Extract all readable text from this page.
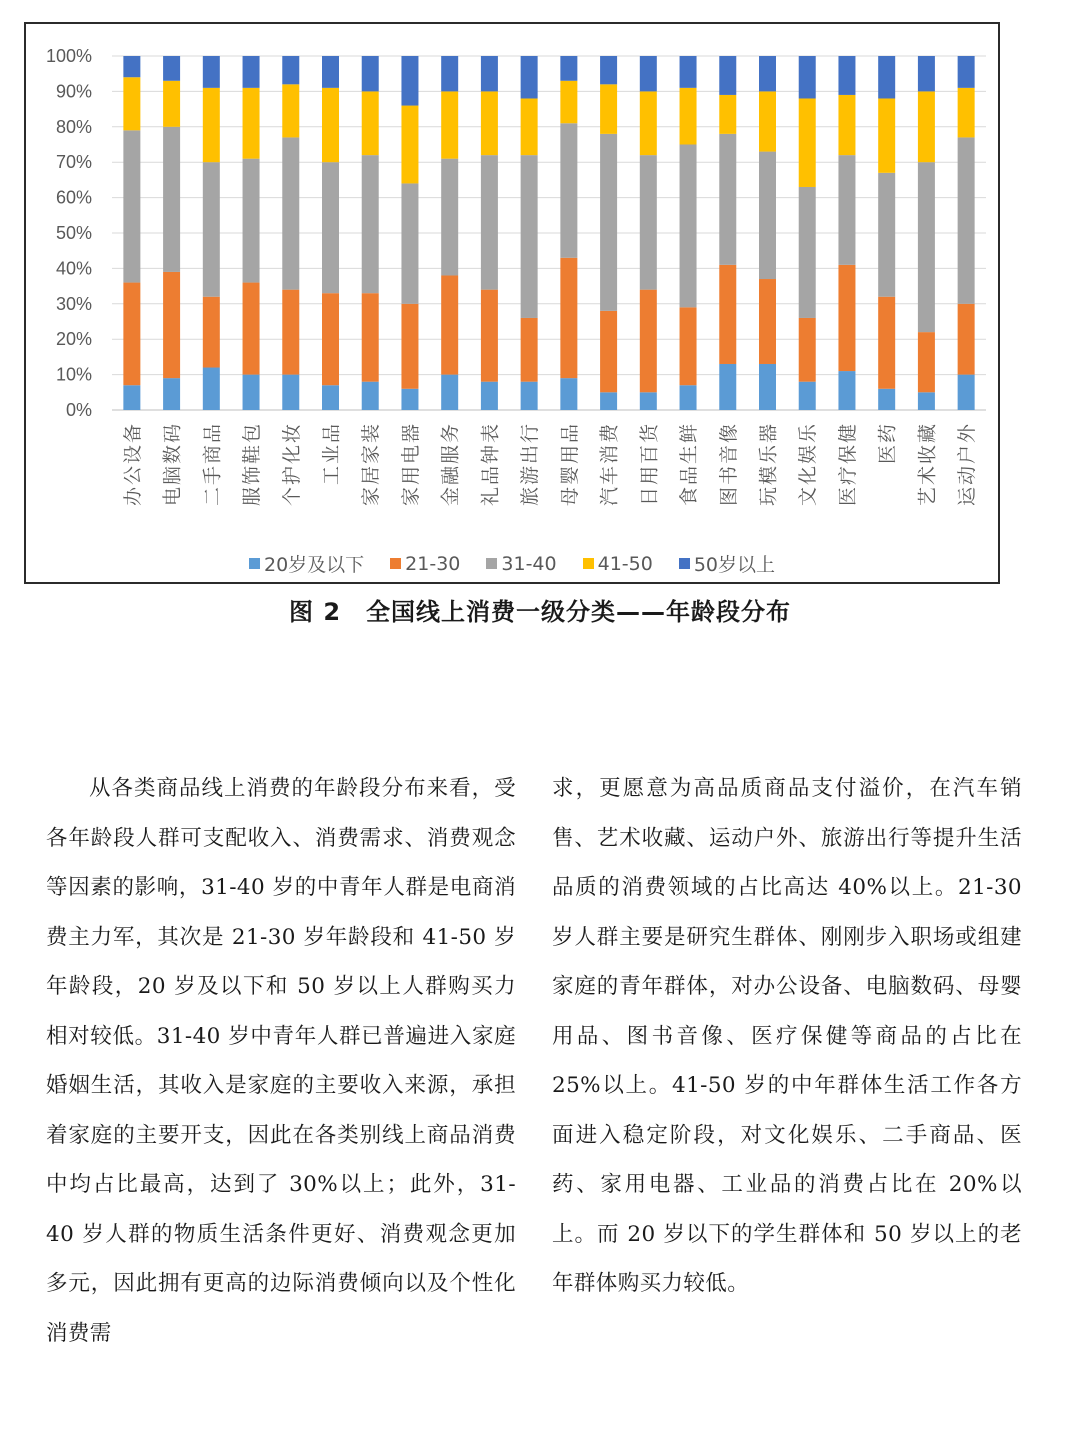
0%
10%
20%
30%
40%
50%
60%
70%
80%
90%
100%
办公设备 电脑数码 二手商品 服饰鞋包 个护化妆 工业品 家居家装 家用电器 金融服务 礼品钟表 旅游出行 母婴用品 汽车消费 日用百货 食品生鲜 图书音像 玩模乐器 文化娱乐 医疗保健 医药 艺术收藏 运动户外
20岁及以下 21-30 31-40 41-50 50岁以上
图 2　全国线上消费一级分类——年龄段分布

从各类商品线上消费的年龄段分布来看，受各年龄段人群可支配收入、消费需求、消费观念等因素的影响，31-40 岁的中青年人群是电商消费主力军，其次是 21-30 岁年龄段和 41-50 岁年龄段，20 岁及以下和 50 岁以上人群购买力相对较低。31-40 岁中青年人群已普遍进入家庭婚姻生活，其收入是家庭的主要收入来源，承担着家庭的主要开支，因此在各类别线上商品消费中均占比最高，达到了 30%以上；此外，31-40 岁人群的物质生活条件更好、消费观念更加多元，因此拥有更高的边际消费倾向以及个性化消费需

求，更愿意为高品质商品支付溢价，在汽车销售、艺术收藏、运动户外、旅游出行等提升生活品质的消费领域的占比高达 40%以上。21-30 岁人群主要是研究生群体、刚刚步入职场或组建家庭的青年群体，对办公设备、电脑数码、母婴用品、图书音像、医疗保健等商品的占比在 25%以上。41-50 岁的中年群体生活工作各方面进入稳定阶段，对文化娱乐、二手商品、医药、家用电器、工业品的消费占比在 20%以上。而 20 岁以下的学生群体和 50 岁以上的老年群体购买力较低。
